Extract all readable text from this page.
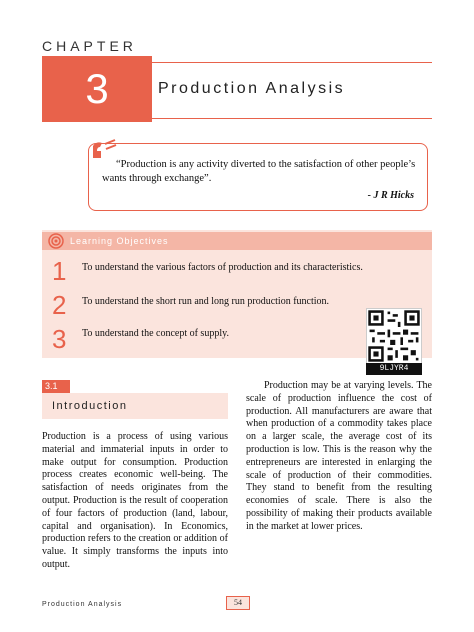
CHAPTER
3	Production Analysis
“Production is any activity diverted to the satisfaction of other people’s wants through exchange”.
- J R Hicks
Learning Objectives
1 To understand the various factors of production and its characteristics.
2 To understand the short run and long run production function.
3 To understand the concept of supply.
9LJYR4
3.1
Introduction
Production is a process of using various material and immaterial inputs in order to make output for consumption. Production process creates economic well-being. The satisfaction of needs originates from the output. Production is the result of cooperation of four factors of production (land, labour, capital and organisation). In Economics, production refers to the creation or addition of value. It simply transforms the inputs into output.

Production may be at varying levels. The scale of production influence the cost of production. All manufacturers are aware that when production of a commodity takes place on a larger scale, the average cost of its production is low. This is the reason why the entrepreneurs are interested in enlarging the scale of production of their commodities. They stand to benefit from the resulting economies of scale. There is also the possibility of making their products available in the market at lower prices.

Production Analysis	54
